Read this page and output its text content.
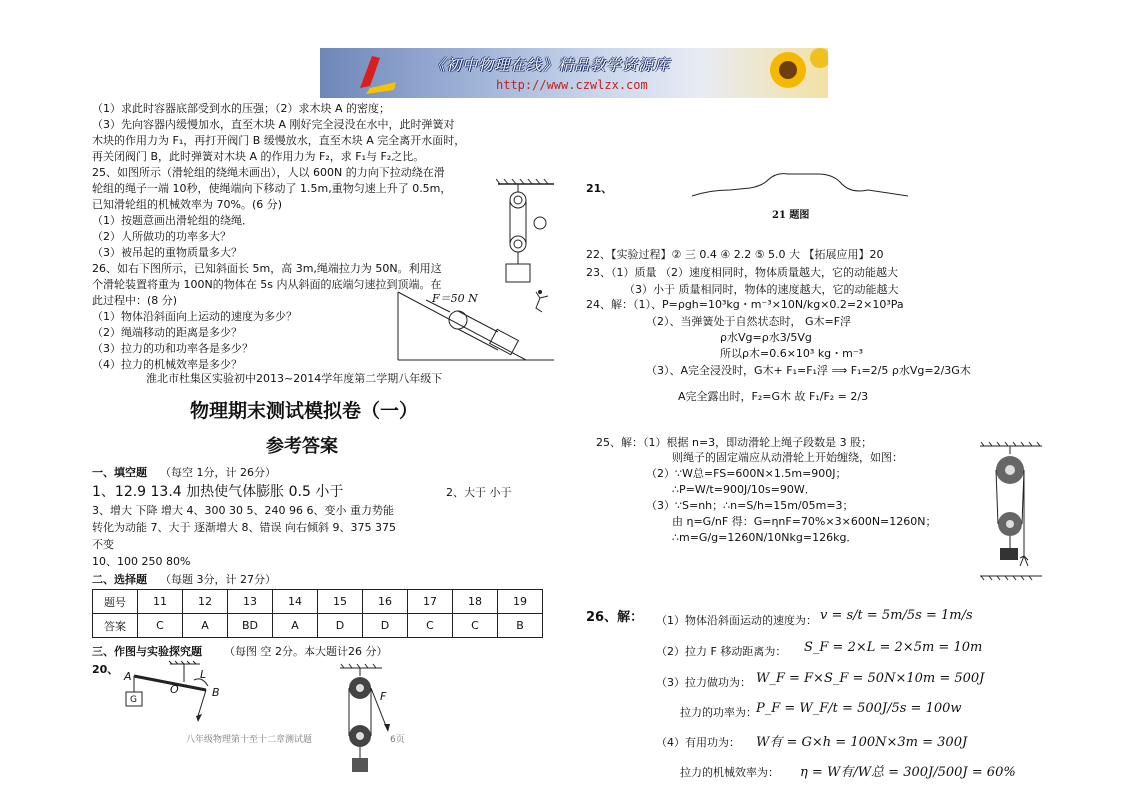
《初中物理在线》精品教学资源库
http://www.czwlzx.com
（1）求此时容器底部受到水的压强；（2）求木块 A 的密度；
（3）先向容器内缓慢加水，直至木块 A 刚好完全浸没在水中，此时弹簧对
木块的作用力为 F₁，再打开阀门 B 缓慢放水，直至木块 A 完全离开水面时，
再关闭阀门 B，此时弹簧对木块 A 的作用力为 F₂，求 F₁与 F₂之比。
25、如图所示（滑轮组的绕绳未画出），人以 600N 的力向下拉动绕在滑
轮组的绳子一端 10秒，使绳端向下移动了 1.5m,重物匀速上升了 0.5m，
已知滑轮组的机械效率为 70%。(6 分)
（1）按题意画出滑轮组的绕绳．
（2）人所做功的功率多大？
（3）被吊起的重物质量多大？
26、如右下图所示，已知斜面长 5m，高 3m,绳端拉力为 50N。利用这
个滑轮装置将重为 100N的物体在 5s 内从斜面的底端匀速拉到顶端。在
此过程中：(8 分)
（1）物体沿斜面向上运动的速度为多少？
（2）绳端移动的距离是多少？
（3）拉力的功和功率各是多少？
（4）拉力的机械效率是多少？
F＝50 N
淮北市杜集区实验初中2013~2014学年度第二学期八年级下
物理期末测试模拟卷（一）
参考答案
一、填空题 （每空 1分，计 26分）
1、12.9 13.4 加热使气体膨胀 0.5 小于	2、大于 小于
3、增大 下降 增大 4、300 30 5、240 96 6、变小 重力势能
转化为动能 7、大于 逐渐增大 8、错误 向右倾斜 9、375 375
不变
10、100 250 80%
二、选择题 （每题 3分，计 27分）
题号	11	12	13	14	15	16	17	18	19
答案	C	A	BD	A	D	D	C	C	B
三、作图与实验探究题 （每图 空 2分。本大题计26 分）
20、
A
O	B
L
G	F
八年级物理第十至十二章测试题	6页
21、
21 题图
22、【实验过程】② 三 0.4 ④ 2.2 ⑤ 5.0 大 【拓展应用】20
23、（1）质量 （2）速度相同时，物体质量越大，它的动能越大
（3）小于 质量相同时，物体的速度越大，它的动能越大
24、解：（1）、P=ρgh=10³kg・m⁻³×10N/kg×0.2=2×10³Pa
（2）、当弹簧处于自然状态时， G木=F浮
ρ水Vg=ρ水3/5Vg
所以ρ木=0.6×10³ kg・m⁻³
（3）、A完全浸没时，G木+ F₁=F₁浮 ⟹ F₁=2/5 ρ水Vg=2/3G木
A完全露出时，F₂=G木 故 F₁/F₂ = 2/3
25、解：（1）根据 n=3，即动滑轮上绳子段数是 3 股；
则绳子的固定端应从动滑轮上开始缠绕，如图：
（2）∵W总=FS=600N×1.5m=900J；
∴P=W/t=900J/10s=90W．
（3）∵S=nh；∴n=S/h=15m/05m=3；
由 η=G/nF 得：G=ηnF=70%×3×600N=1260N；
∴m=G/g=1260N/10Nkg=126kg．
26、解： （1）物体沿斜面运动的速度为： v = s/t = 5m/5s = 1m/s
（2）拉力 F 移动距离为： S_F = 2×L = 2×5m = 10m
（3）拉力做功为： W_F = F×S_F = 50N×10m = 500J
拉力的功率为： P_F = W_F/t = 500J/5s = 100w
（4）有用功为： W有 = G×h = 100N×3m = 300J
拉力的机械效率为： η = W有/W总 = 300J/500J = 60%
